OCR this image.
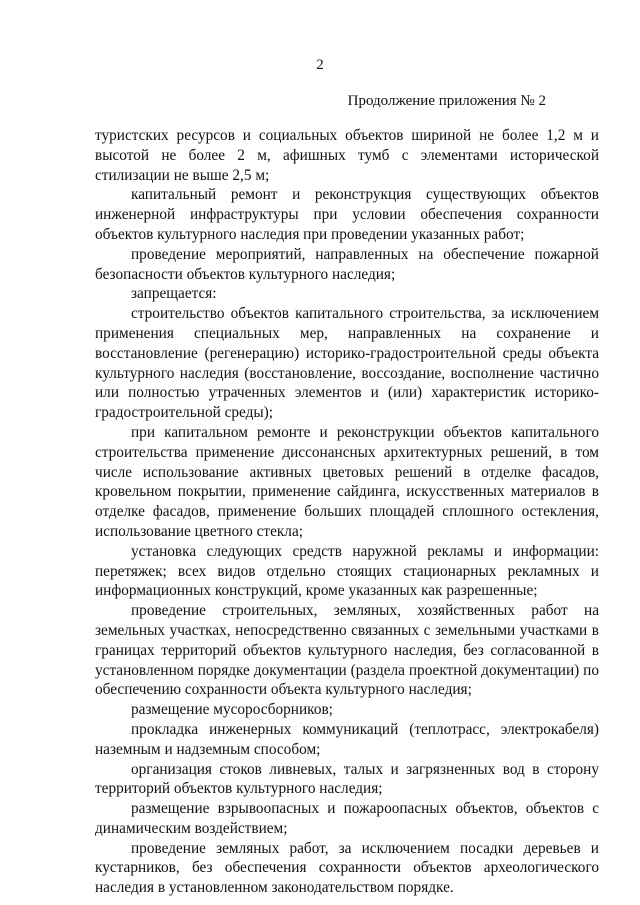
2
Продолжение приложения № 2

туристских ресурсов и социальных объектов шириной не более 1,2 м и высотой не более 2 м, афишных тумб с элементами исторической стилизации не выше 2,5 м;

капитальный ремонт и реконструкция существующих объектов инженерной инфраструктуры при условии обеспечения сохранности объектов культурного наследия при проведении указанных работ;

проведение мероприятий, направленных на обеспечение пожарной безопасности объектов культурного наследия;

запрещается:

строительство объектов капитального строительства, за исключением применения специальных мер, направленных на сохранение и восстановление (регенерацию) историко-градостроительной среды объекта культурного наследия (восстановление, воссоздание, восполнение частично или полностью утраченных элементов и (или) характеристик историко-градостроительной среды);

при капитальном ремонте и реконструкции объектов капитального строительства применение диссонансных архитектурных решений, в том числе использование активных цветовых решений в отделке фасадов, кровельном покрытии, применение сайдинга, искусственных материалов в отделке фасадов, применение больших площадей сплошного остекления, использование цветного стекла;

установка следующих средств наружной рекламы и информации: перетяжек; всех видов отдельно стоящих стационарных рекламных и информационных конструкций, кроме указанных как разрешенные;

проведение строительных, земляных, хозяйственных работ на земельных участках, непосредственно связанных с земельными участками в границах территорий объектов культурного наследия, без согласованной в установленном порядке документации (раздела проектной документации) по обеспечению сохранности объекта культурного наследия;

размещение мусоросборников;

прокладка инженерных коммуникаций (теплотрасс, электрокабеля) наземным и надземным способом;

организация стоков ливневых, талых и загрязненных вод в сторону территорий объектов культурного наследия;

размещение взрывоопасных и пожароопасных объектов, объектов с динамическим воздействием;

проведение земляных работ, за исключением посадки деревьев и кустарников, без обеспечения сохранности объектов археологического наследия в установленном законодательством порядке.
